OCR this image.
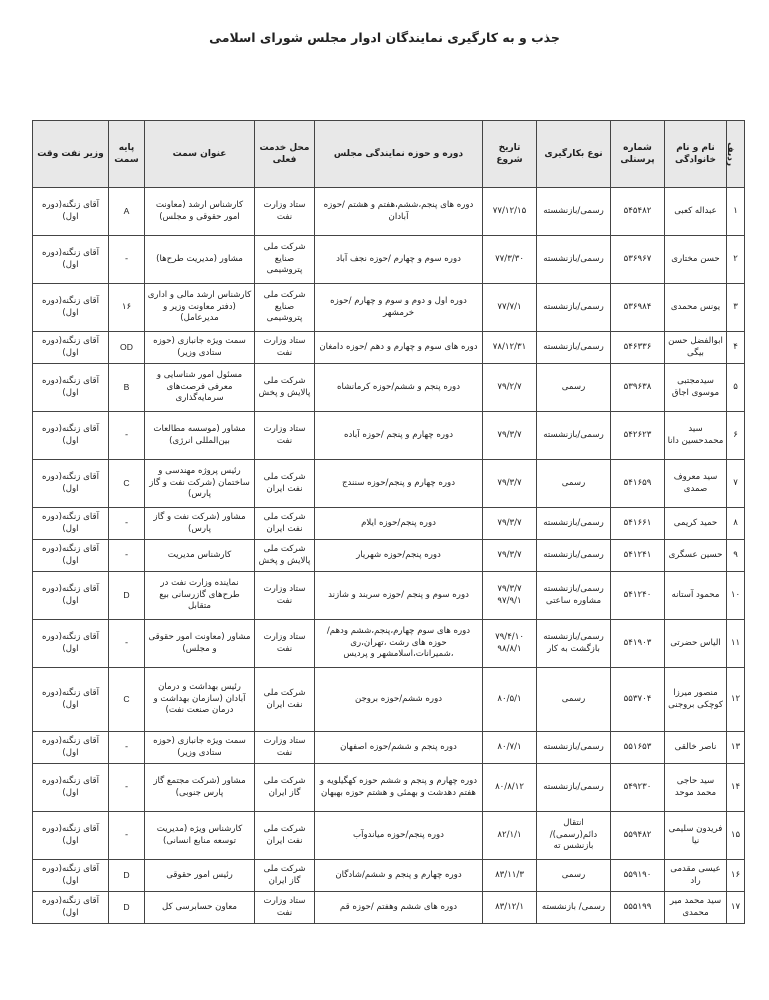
جذب و به کارگیری نمایندگان ادوار مجلس شورای اسلامی
ردیف	نام و نام خانوادگی	شماره پرسنلی	نوع بکارگیری	تاریخ شروع	دوره و حوزه نمایندگی مجلس	محل خدمت فعلی	عنوان سمت	پایه سمت	وزیر نفت وقت
۱	عبداله کعبی	۵۴۵۴۸۲	رسمی/بازنشسته	۷۷/۱۲/۱۵	دوره های پنجم،ششم،هفتم و هشتم /حوزه آبادان	ستاد وزارت نفت	کارشناس ارشد (معاونت امور حقوقی و مجلس)	A	آقای زنگنه(دوره اول)
۲	حسن مختاری	۵۳۶۹۶۷	رسمی/بازنشسته	۷۷/۳/۳۰	دوره سوم و چهارم /حوزه نجف آباد	شرکت ملی صنایع پتروشیمی	مشاور (مدیریت طرح‌ها)	-	آقای زنگنه(دوره اول)
۳	یونس محمدی	۵۳۶۹۸۴	رسمی/بازنشسته	۷۷/۷/۱	دوره اول و دوم و سوم و چهارم /حوزه خرمشهر	شرکت ملی صنایع پتروشیمی	کارشناس ارشد مالی و اداری (دفتر معاونت وزیر و مدیرعامل)	۱۶	آقای زنگنه(دوره اول)
۴	ابوالفضل حسن بیگی	۵۴۶۳۳۶	رسمی/بازنشسته	۷۸/۱۲/۳۱	دوره های سوم و چهارم و دهم /حوزه دامغان	ستاد وزارت نفت	سمت ویژه جانبازی (حوزه ستادی وزیر)	OD	آقای زنگنه(دوره اول)
۵	سیدمجتبی موسوی اجاق	۵۳۹۶۳۸	رسمی	۷۹/۲/۷	دوره پنجم و ششم/حوزه کرمانشاه	شرکت ملی پالایش و پخش	مسئول امور شناسایی و معرفی فرصت‌های سرمایه‌گذاری	B	آقای زنگنه(دوره اول)
۶	سید محمدحسین دانا	۵۴۲۶۲۳	رسمی/بازنشسته	۷۹/۳/۷	دوره چهارم و پنجم /حوزه آباده	ستاد وزارت نفت	مشاور (موسسه مطالعات بین‌المللی انرژی)	-	آقای زنگنه(دوره اول)
۷	سید معروف صمدی	۵۴۱۶۵۹	رسمی	۷۹/۳/۷	دوره چهارم و پنجم/حوزه سنندج	شرکت ملی نفت ایران	رئیس پروژه مهندسی و ساختمان (شرکت نفت و گاز پارس)	C	آقای زنگنه(دوره اول)
۸	حمید کریمی	۵۴۱۶۶۱	رسمی/بازنشسته	۷۹/۳/۷	دوره پنجم/حوزه ایلام	شرکت ملی نفت ایران	مشاور (شرکت نفت و گاز پارس)	-	آقای زنگنه(دوره اول)
۹	حسین عسگری	۵۴۱۲۴۱	رسمی/بازنشسته	۷۹/۳/۷	دوره پنجم/حوزه شهریار	شرکت ملی پالایش و پخش	کارشناس مدیریت	-	آقای زنگنه(دوره اول)
۱۰	محمود آستانه	۵۴۱۲۴۰	رسمی/بازنشسته مشاوره ساعتی	۷۹/۳/۷ ۹۷/۹/۱	دوره سوم و پنجم /حوزه سربند و شازند	ستاد وزارت نفت	نماینده وزارت نفت در طرح‌های گازرسانی بیع متقابل	D	آقای زنگنه(دوره اول)
۱۱	الیاس حضرتی	۵۴۱۹۰۳	رسمی/بازنشسته بازگشت به کار	۷۹/۴/۱۰ ۹۸/۸/۱	دوره های سوم چهارم،پنجم،ششم ودهم/ حوزه های رشت ،تهران،ری ،شمیرانات،اسلامشهر و پردیس	ستاد وزارت نفت	مشاور (معاونت امور حقوقی و مجلس)	-	آقای زنگنه(دوره اول)
۱۲	منصور میرزا کوچکی بروجنی	۵۵۳۷۰۴	رسمی	۸۰/۵/۱	دوره ششم/حوزه بروجن	شرکت ملی نفت ایران	رئیس بهداشت و درمان آبادان (سازمان بهداشت و درمان صنعت نفت)	C	آقای زنگنه(دوره اول)
۱۳	ناصر خالقی	۵۵۱۶۵۳	رسمی/بازنشسته	۸۰/۷/۱	دوره پنجم و ششم/حوزه اصفهان	ستاد وزارت نفت	سمت ویژه جانبازی (حوزه ستادی وزیر)	-	آقای زنگنه(دوره اول)
۱۴	سید حاجی محمد موحد	۵۴۹۲۳۰	رسمی/بازنشسته	۸۰/۸/۱۲	دوره چهارم و پنجم و ششم حوزه کهگیلویه و هفتم دهدشت و بهمئی و هشتم حوزه بهبهان	شرکت ملی گاز ایران	مشاور (شرکت مجتمع گاز پارس جنوبی)	-	آقای زنگنه(دوره اول)
۱۵	فریدون سلیمی نیا	۵۵۹۴۸۲	انتقال دائم(رسمی)/بازنشس ته	۸۲/۱/۱	دوره پنجم/حوزه میاندوآب	شرکت ملی نفت ایران	کارشناس ویژه (مدیریت توسعه منابع انسانی)	-	آقای زنگنه(دوره اول)
۱۶	عیسی مقدمی راد	۵۵۹۱۹۰	رسمی	۸۳/۱۱/۳	دوره چهارم و پنجم و ششم/شادگان	شرکت ملی گاز ایران	رئیس امور حقوقی	D	آقای زنگنه(دوره اول)
۱۷	سید محمد میر محمدی	۵۵۵۱۹۹	رسمی/ بازنشسته	۸۳/۱۲/۱	دوره های ششم وهفتم /حوزه قم	ستاد وزارت نفت	معاون حسابرسی کل	D	آقای زنگنه(دوره اول)
